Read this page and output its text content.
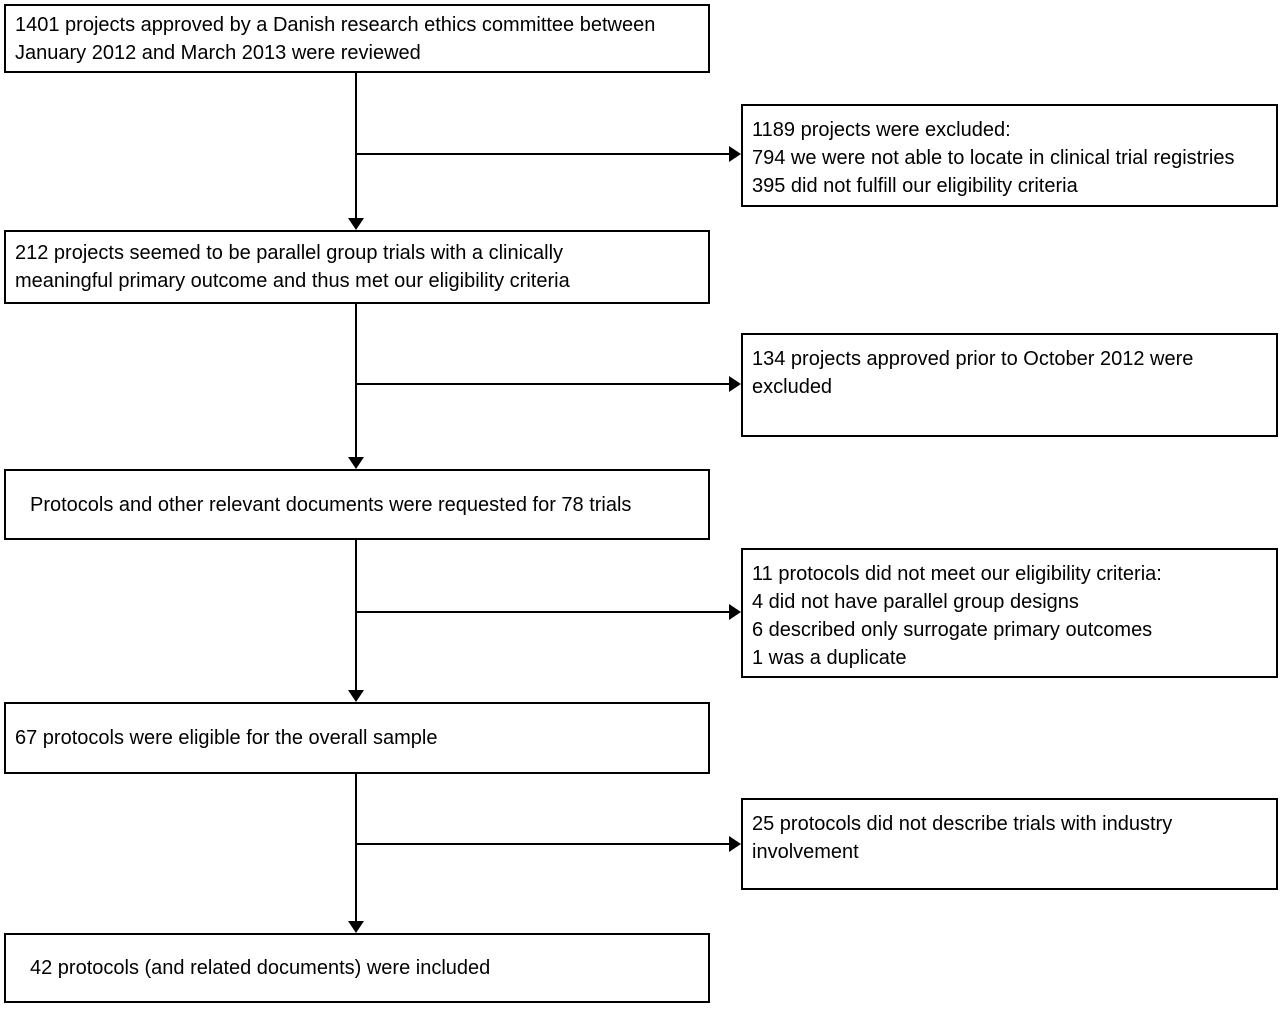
1401 projects approved by a Danish research ethics committee between
January 2012 and March 2013 were reviewed
1189 projects were excluded:
794 we were not able to locate in clinical trial registries
395 did not fulfill our eligibility criteria
212 projects seemed to be parallel group trials with a clinically
meaningful primary outcome and thus met our eligibility criteria
134 projects approved prior to October 2012 were
excluded
Protocols and other relevant documents were requested for 78 trials
11 protocols did not meet our eligibility criteria:
4 did not have parallel group designs
6 described only surrogate primary outcomes
1 was a duplicate
67 protocols were eligible for the overall sample
25 protocols did not describe trials with industry
involvement
42 protocols (and related documents) were included
